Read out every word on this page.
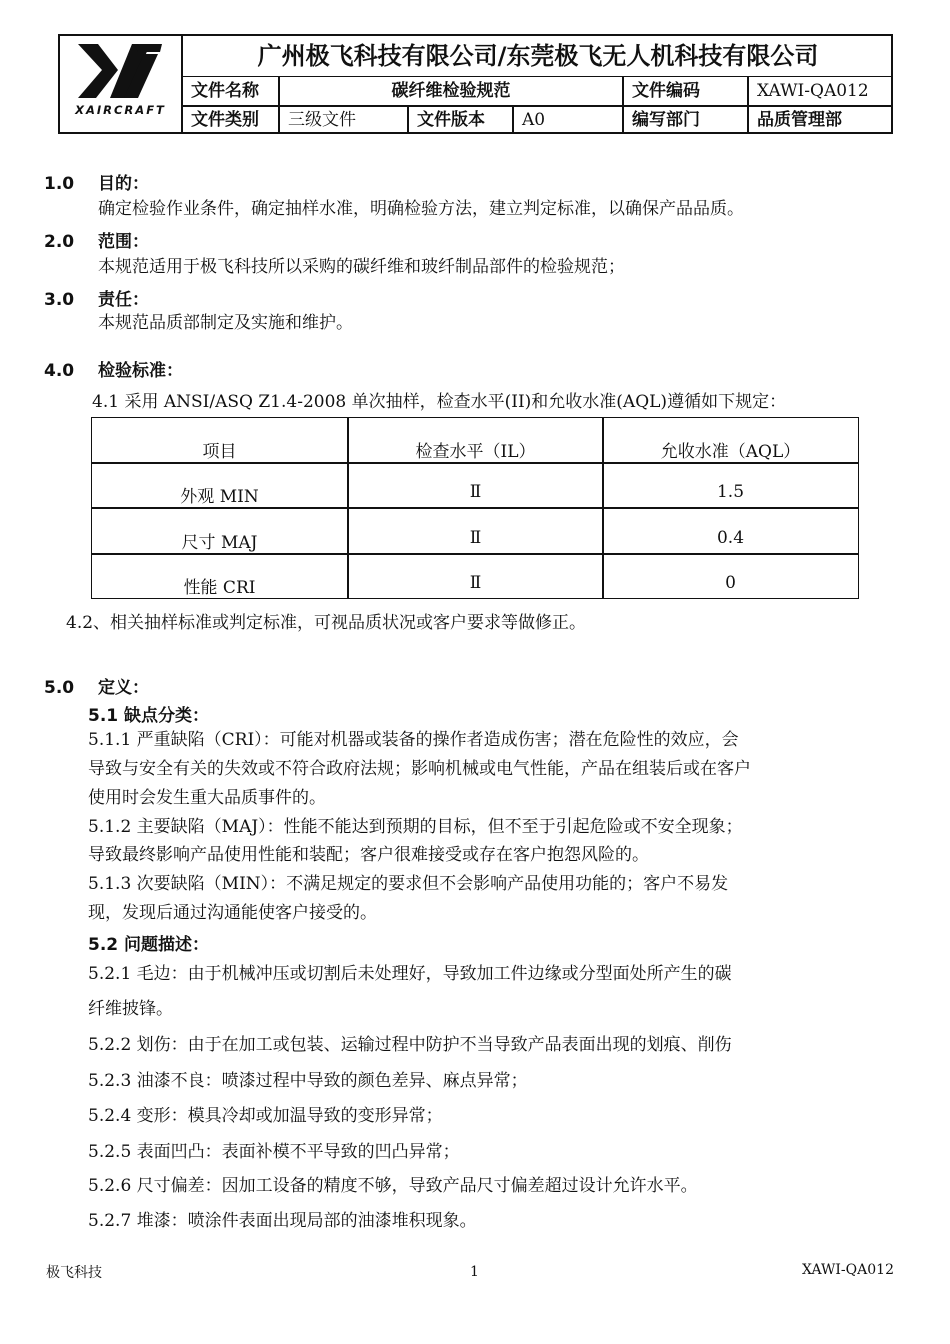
XAIRCRAFT
广州极飞科技有限公司/东莞极飞无人机科技有限公司
文件名称	碳纤维检验规范	文件编码	XAWI-QA012
文件类别	三级文件	文件版本	A0	编写部门	品质管理部
1.0 目的：
确定检验作业条件，确定抽样水准，明确检验方法，建立判定标准，以确保产品品质。
2.0 范围：
本规范适用于极飞科技所以采购的碳纤维和玻纤制品部件的检验规范；
3.0 责任：
本规范品质部制定及实施和维护。
4.0 检验标准：
4.1 采用 ANSI/ASQ Z1.4-2008 单次抽样，检查水平(II)和允收水准(AQL)遵循如下规定：
项目	检查水平（IL）	允收水准（AQL）
外观 MIN	Ⅱ	1.5
尺寸 MAJ	Ⅱ	0.4
性能 CRI	Ⅱ	0
4.2、相关抽样标准或判定标准，可视品质状况或客户要求等做修正。
5.0 定义：
5.1 缺点分类：
5.1.1 严重缺陷（CRI）：可能对机器或装备的操作者造成伤害；潜在危险性的效应，会
导致与安全有关的失效或不符合政府法规；影响机械或电气性能，产品在组装后或在客户
使用时会发生重大品质事件的。
5.1.2 主要缺陷（MAJ）：性能不能达到预期的目标，但不至于引起危险或不安全现象；
导致最终影响产品使用性能和装配；客户很难接受或存在客户抱怨风险的。
5.1.3 次要缺陷（MIN）：不满足规定的要求但不会影响产品使用功能的；客户不易发
现，发现后通过沟通能使客户接受的。
5.2 问题描述：
5.2.1 毛边：由于机械冲压或切割后未处理好，导致加工件边缘或分型面处所产生的碳
纤维披锋。
5.2.2 划伤：由于在加工或包装、运输过程中防护不当导致产品表面出现的划痕、削伤
5.2.3 油漆不良：喷漆过程中导致的颜色差异、麻点异常；
5.2.4 变形：模具冷却或加温导致的变形异常；
5.2.5 表面凹凸：表面补模不平导致的凹凸异常；
5.2.6 尺寸偏差：因加工设备的精度不够，导致产品尺寸偏差超过设计允许水平。
5.2.7 堆漆：喷涂件表面出现局部的油漆堆积现象。
极飞科技	1	XAWI-QA012
